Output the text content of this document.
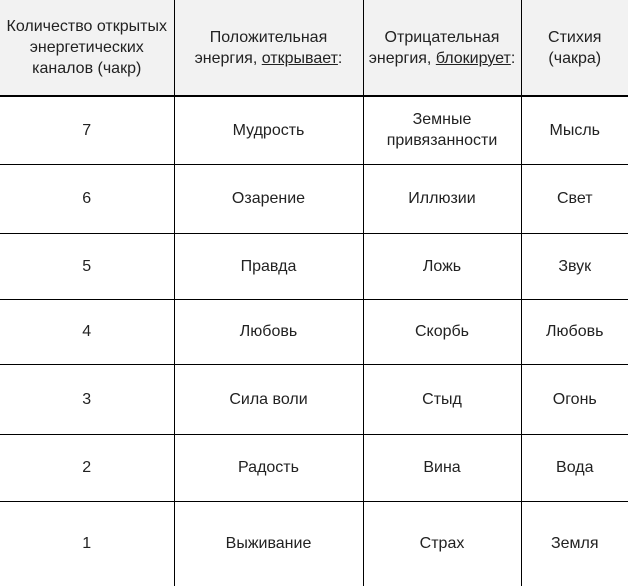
Количество открытых энергетических каналов (чакр)	Положительная энергия, открывает:	Отрицательная энергия, блокирует:	Стихия (чакра)
7	Мудрость	Земные привязанности	Мысль
6	Озарение	Иллюзии	Свет
5	Правда	Ложь	Звук
4	Любовь	Скорбь	Любовь
3	Сила воли	Стыд	Огонь
2	Радость	Вина	Вода
1	Выживание	Страх	Земля
